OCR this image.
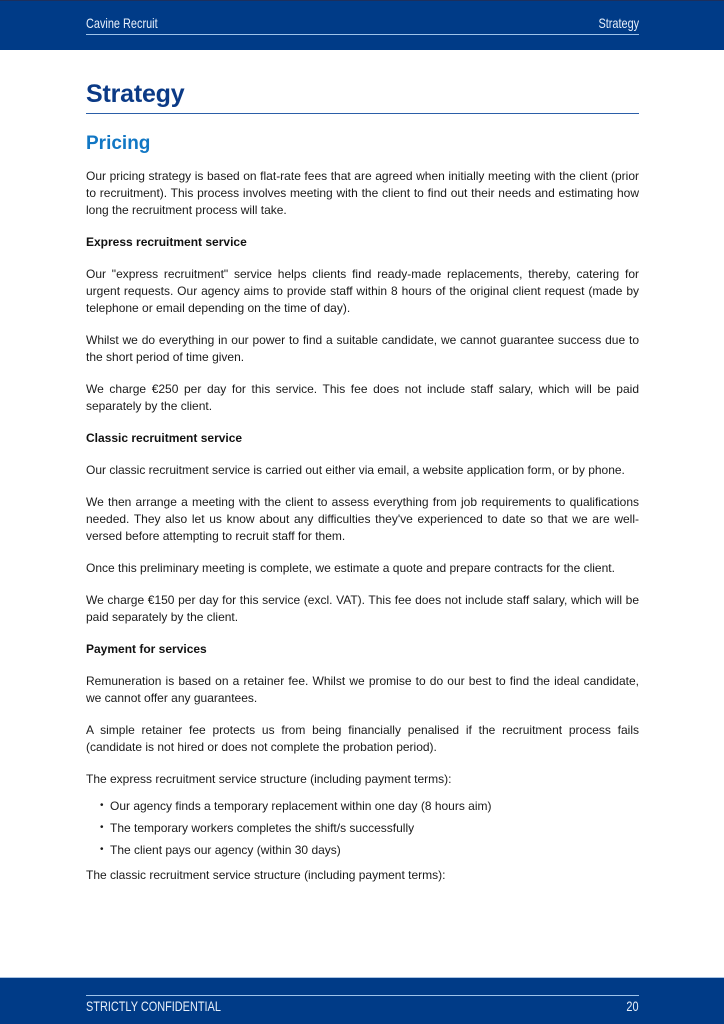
Cavine Recruit	Strategy
Strategy
Pricing

Our pricing strategy is based on flat-rate fees that are agreed when initially meeting with the client (prior to recruitment). This process involves meeting with the client to find out their needs and estimating how long the recruitment process will take.

Express recruitment service

Our "express recruitment" service helps clients find ready-made replacements, thereby, catering for urgent requests. Our agency aims to provide staff within 8 hours of the original client request (made by telephone or email depending on the time of day).

Whilst we do everything in our power to find a suitable candidate, we cannot guarantee success due to the short period of time given.

We charge €250 per day for this service. This fee does not include staff salary, which will be paid separately by the client.

Classic recruitment service

Our classic recruitment service is carried out either via email, a website application form, or by phone.

We then arrange a meeting with the client to assess everything from job requirements to qualifications needed. They also let us know about any difficulties they've experienced to date so that we are well-versed before attempting to recruit staff for them.

Once this preliminary meeting is complete, we estimate a quote and prepare contracts for the client.

We charge €150 per day for this service (excl. VAT). This fee does not include staff salary, which will be paid separately by the client.

Payment for services

Remuneration is based on a retainer fee. Whilst we promise to do our best to find the ideal candidate, we cannot offer any guarantees.

A simple retainer fee protects us from being financially penalised if the recruitment process fails (candidate is not hired or does not complete the probation period).

The express recruitment service structure (including payment terms):

• Our agency finds a temporary replacement within one day (8 hours aim)
• The temporary workers completes the shift/s successfully
• The client pays our agency (within 30 days)

The classic recruitment service structure (including payment terms):

STRICTLY CONFIDENTIAL	20
